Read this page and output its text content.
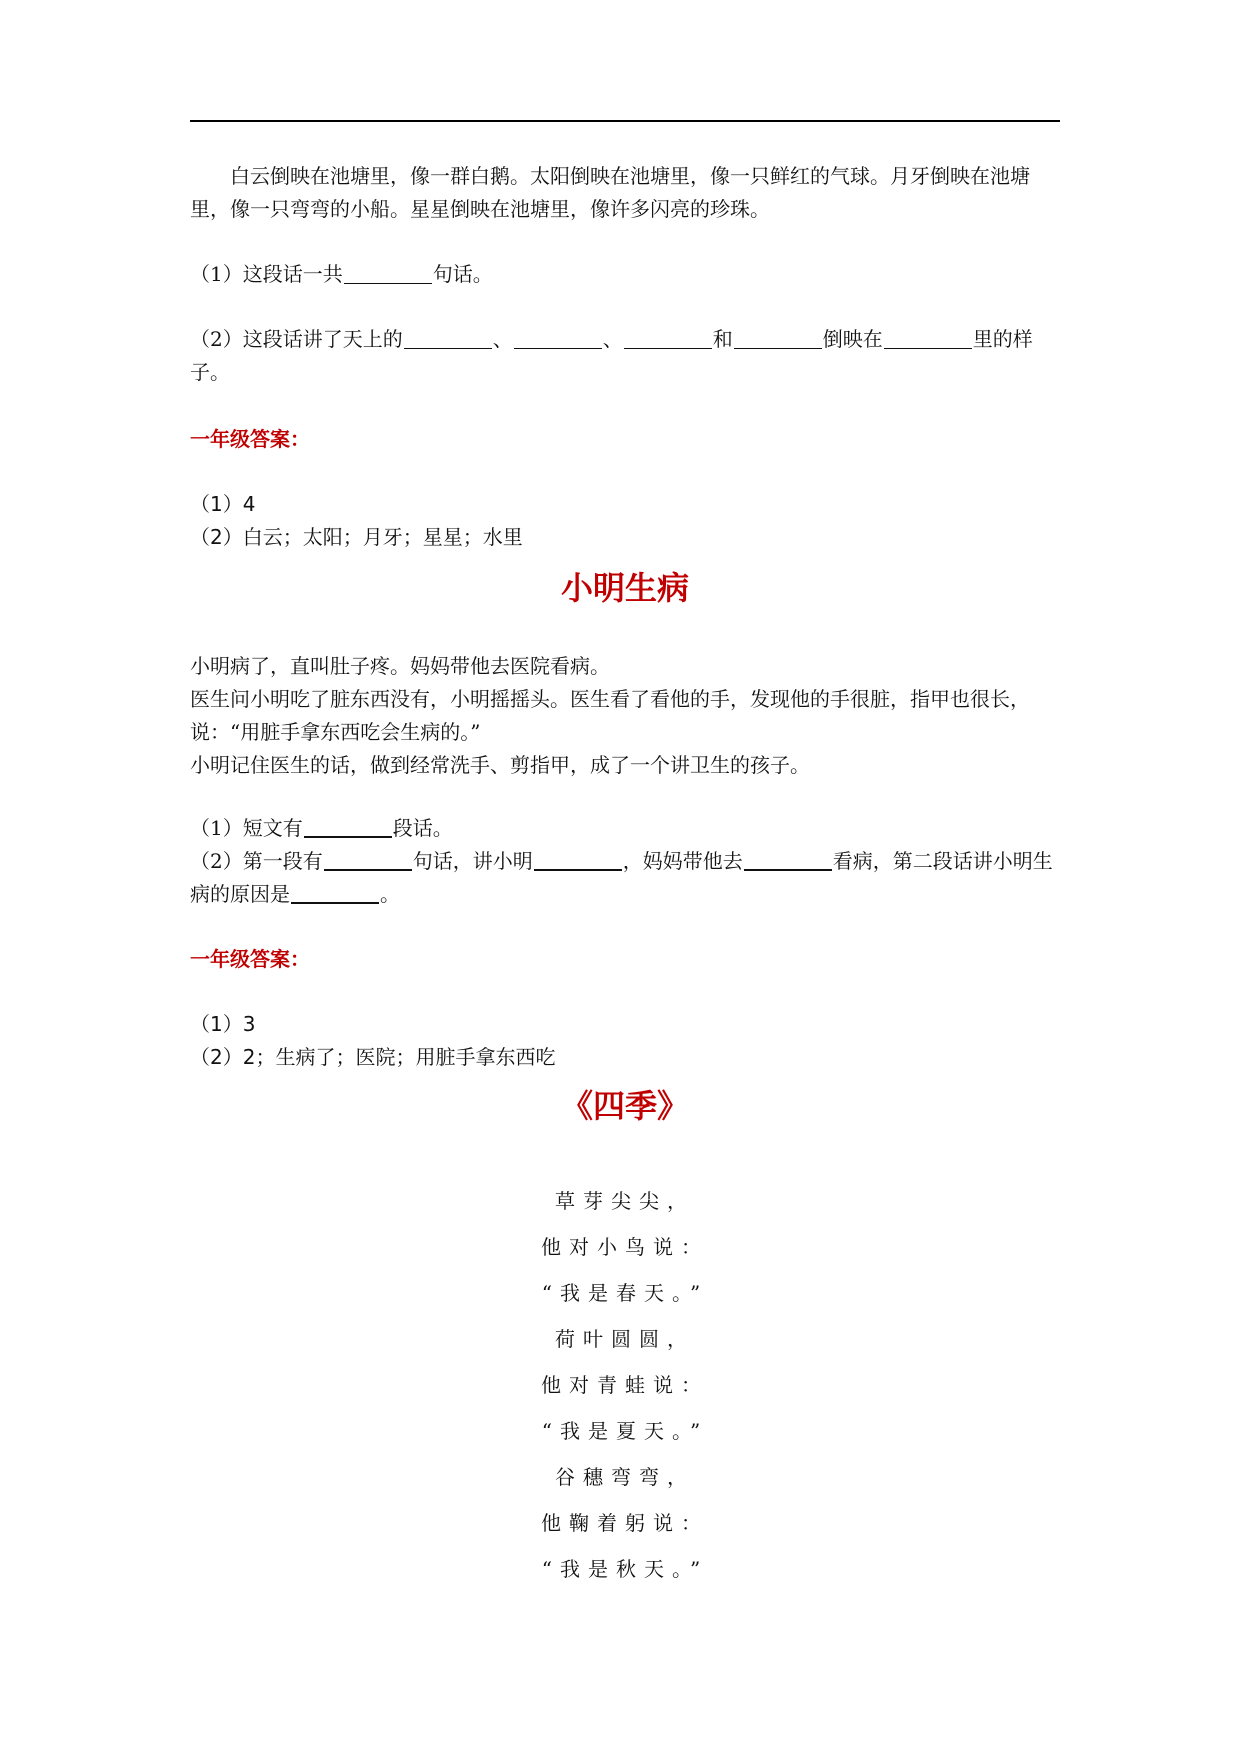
白云倒映在池塘里，像一群白鹅。太阳倒映在池塘里，像一只鲜红的气球。月牙倒映在池塘里，像一只弯弯的小船。星星倒映在池塘里，像许多闪亮的珍珠。

（1）这段话一共	句话。

（2）这段话讲了天上的	、	、	和	倒映在	里的样子。

一年级答案：

（1）4

（2）白云；太阳；月牙；星星；水里

小明生病

小明病了，直叫肚子疼。妈妈带他去医院看病。

医生问小明吃了脏东西没有，小明摇摇头。医生看了看他的手，发现他的手很脏，指甲也很长，说：“用脏手拿东西吃会生病的。”

小明记住医生的话，做到经常洗手、剪指甲，成了一个讲卫生的孩子。

（1）短文有	段话。

（2）第一段有	句话，讲小明	，妈妈带他去	看病，第二段话讲小明生病的原因是	。

一年级答案：

（1）3

（2）2；生病了；医院；用脏手拿东西吃

《四季》

草芽尖尖，

他对小鸟说：

“我是春天。”

荷叶圆圆，

他对青蛙说：

“我是夏天。”

谷穗弯弯，

他鞠着躬说：

“我是秋天。”
